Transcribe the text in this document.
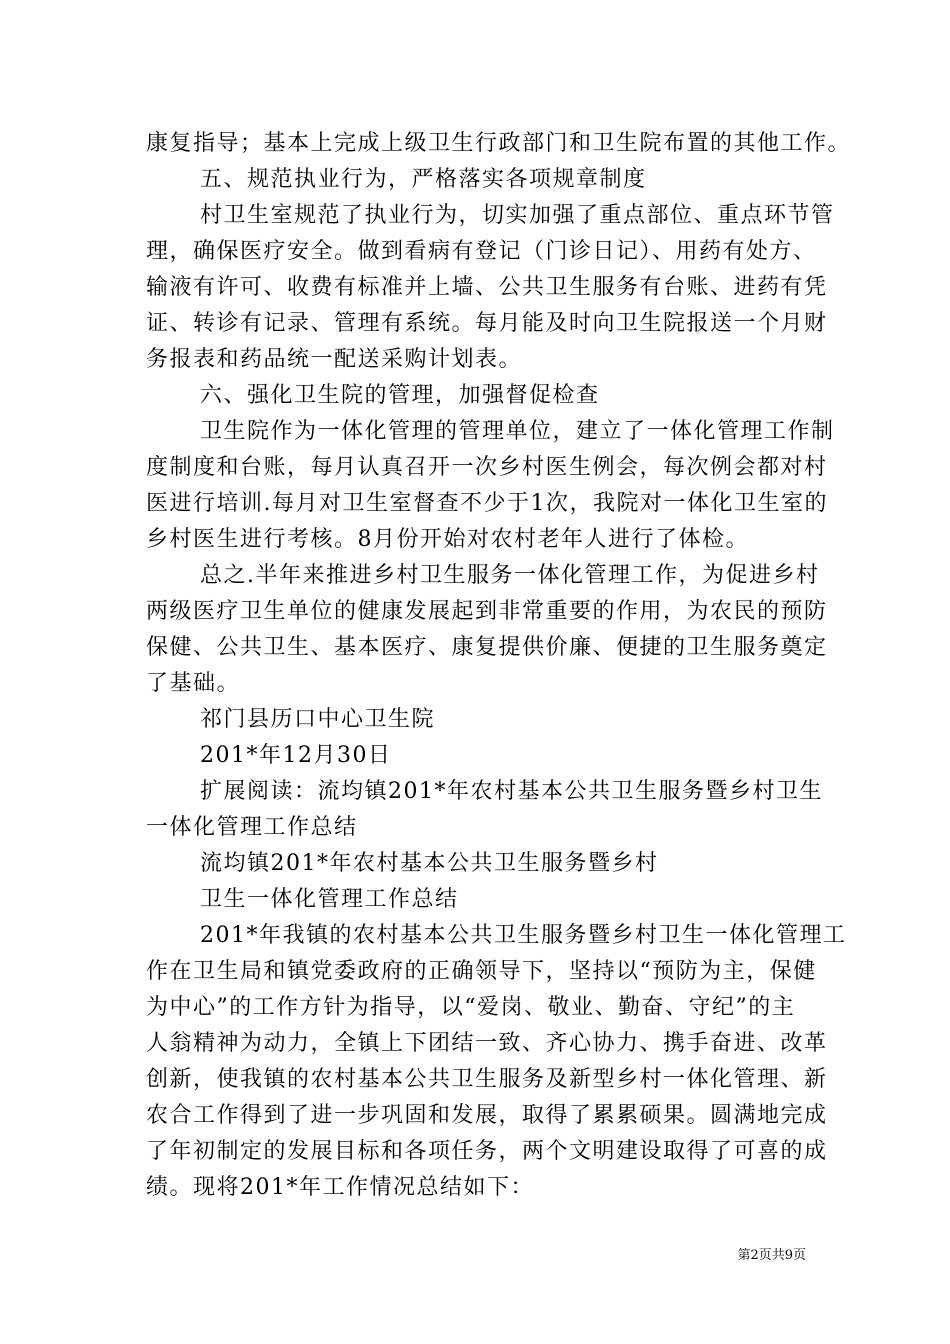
康复指导；基本上完成上级卫生行政部门和卫生院布置的其他工作。
五、规范执业行为，严格落实各项规章制度
村卫生室规范了执业行为，切实加强了重点部位、重点环节管
理，确保医疗安全。做到看病有登记（门诊日记）、用药有处方、
输液有许可、收费有标准并上墙、公共卫生服务有台账、进药有凭
证、转诊有记录、管理有系统。每月能及时向卫生院报送一个月财
务报表和药品统一配送采购计划表。
六、强化卫生院的管理，加强督促检查
卫生院作为一体化管理的管理单位，建立了一体化管理工作制
度制度和台账，每月认真召开一次乡村医生例会，每次例会都对村
医进行培训.每月对卫生室督查不少于1次，我院对一体化卫生室的
乡村医生进行考核。8月份开始对农村老年人进行了体检。
总之.半年来推进乡村卫生服务一体化管理工作，为促进乡村
两级医疗卫生单位的健康发展起到非常重要的作用，为农民的预防
保健、公共卫生、基本医疗、康复提供价廉、便捷的卫生服务奠定
了基础。
祁门县历口中心卫生院
201*年12月30日
扩展阅读：流均镇201*年农村基本公共卫生服务暨乡村卫生
一体化管理工作总结
流均镇201*年农村基本公共卫生服务暨乡村
卫生一体化管理工作总结
201*年我镇的农村基本公共卫生服务暨乡村卫生一体化管理工
作在卫生局和镇党委政府的正确领导下，坚持以“预防为主，保健
为中心”的工作方针为指导，以“爱岗、敬业、勤奋、守纪”的主
人翁精神为动力，全镇上下团结一致、齐心协力、携手奋进、改革
创新，使我镇的农村基本公共卫生服务及新型乡村一体化管理、新
农合工作得到了进一步巩固和发展，取得了累累硕果。圆满地完成
了年初制定的发展目标和各项任务，两个文明建设取得了可喜的成
绩。现将201*年工作情况总结如下：
第2页共9页
